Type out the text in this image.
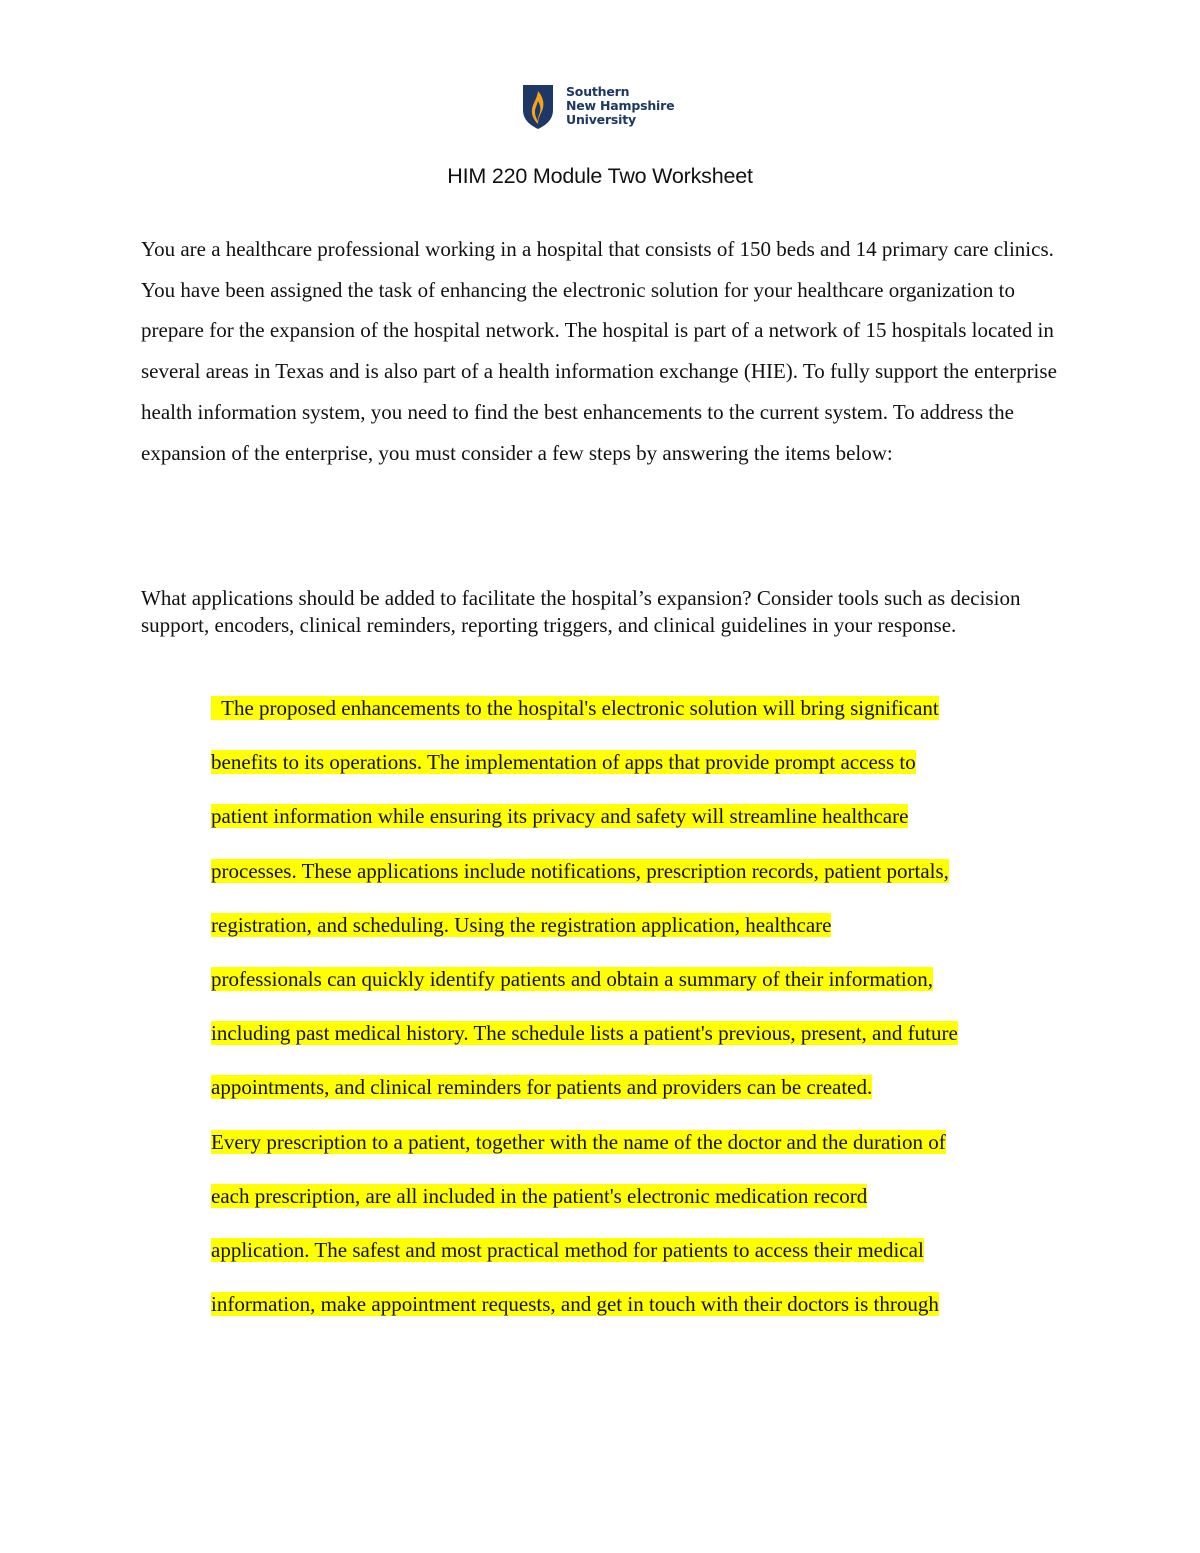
Southern
New Hampshire
University
HIM 220 Module Two Worksheet

You are a healthcare professional working in a hospital that consists of 150 beds and 14 primary care clinics. You have been assigned the task of enhancing the electronic solution for your healthcare organization to prepare for the expansion of the hospital network. The hospital is part of a network of 15 hospitals located in several areas in Texas and is also part of a health information exchange (HIE). To fully support the enterprise health information system, you need to find the best enhancements to the current system. To address the expansion of the enterprise, you must consider a few steps by answering the items below:

What applications should be added to facilitate the hospital’s expansion? Consider tools such as decision support, encoders, clinical reminders, reporting triggers, and clinical guidelines in your response.

The proposed enhancements to the hospital's electronic solution will bring significant
benefits to its operations. The implementation of apps that provide prompt access to
patient information while ensuring its privacy and safety will streamline healthcare
processes. These applications include notifications, prescription records, patient portals,
registration, and scheduling. Using the registration application, healthcare
professionals can quickly identify patients and obtain a summary of their information,
including past medical history. The schedule lists a patient's previous, present, and future
appointments, and clinical reminders for patients and providers can be created.
Every prescription to a patient, together with the name of the doctor and the duration of
each prescription, are all included in the patient's electronic medication record
application. The safest and most practical method for patients to access their medical
information, make appointment requests, and get in touch with their doctors is through
